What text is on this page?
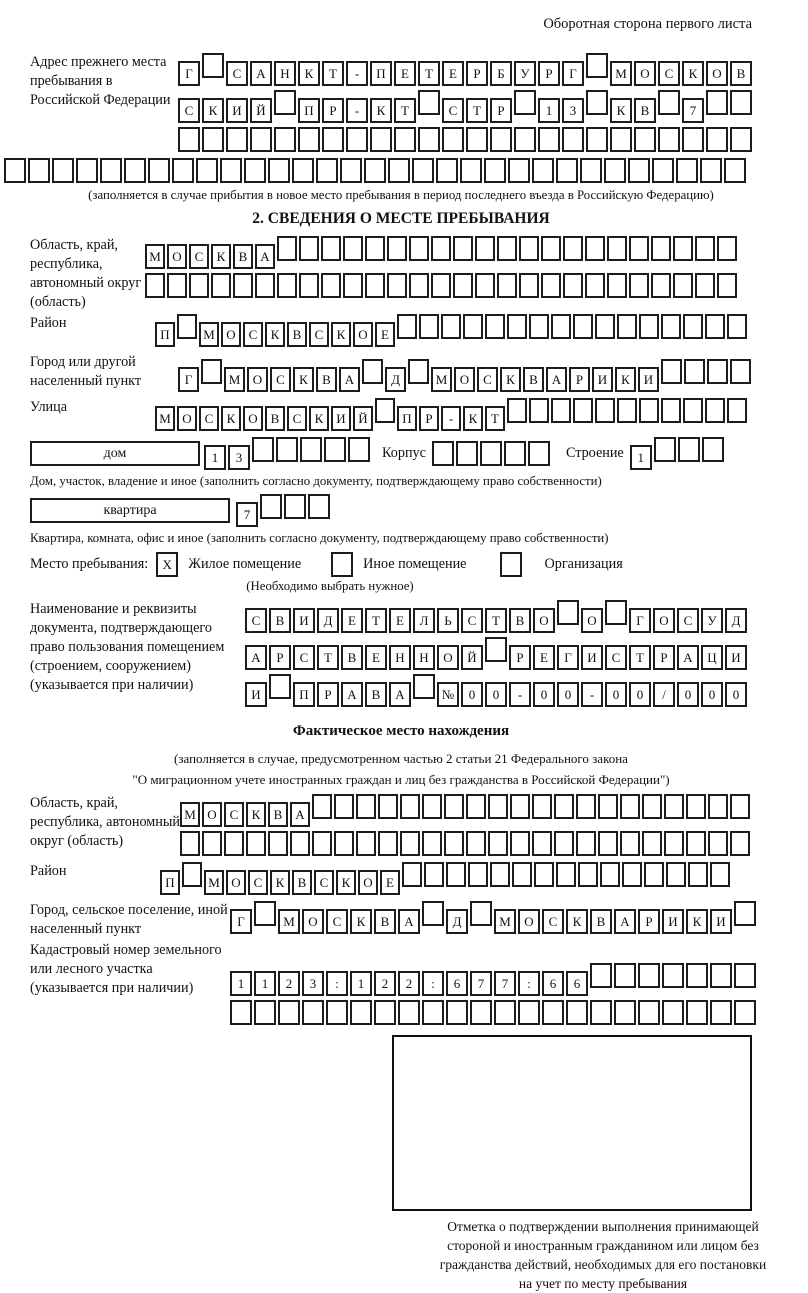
Оборотная сторона первого листа
Адрес прежнего места пребывания в Российской Федерации
Г	С А Н К Т - П Е Т Е Р Б У Р Г	М О С К О В
С К И Й	П Р - К Т	С Т Р	1 3	К В	7
(заполняется в случае прибытия в новое место пребывания в период последнего въезда в Российскую Федерацию)
2. СВЕДЕНИЯ О МЕСТЕ ПРЕБЫВАНИЯ
Область, край, республика, автономный округ (область)
М О С К В А
Район
П	М О С К В С К О Е
Город или другой населенный пункт	Г	М О С К В А	Д	М О С К В А Р И К И
Улица
М О С К О В С К И Й	П Р - К Т
дом	1 3	Корпус	Строение	1
Дом, участок, владение и иное (заполнить согласно документу, подтверждающему право собственности)
квартира	7
Квартира, комната, офис и иное (заполнить согласно документу, подтверждающему право собственности)
Место пребывания:	X	Жилое помещение	Иное помещение	Организация
(Необходимо выбрать нужное)
Наименование и реквизиты документа, подтверждающего право пользования помещением (строением, сооружением) (указывается при наличии)
С В И Д Е Т Е Л Ь С Т В О	О	Г О С У Д
А Р С Т В Е Н Н О Й	Р Е Г И С Т Р А Ц И
И	П Р А В А	№ 0 0 - 0 0 - 0 0 / 0 0 0
Фактическое место нахождения
(заполняется в случае, предусмотренном частью 2 статьи 21 Федерального закона
"О миграционном учете иностранных граждан и лиц без гражданства в Российской Федерации")
Область, край, республика, автономный округ (область)
М О С К В А
Район
П	М О С К В С К О Е
Город, сельское поселение, иной населенный пункт	Г	М О С К В А	Д	М О С К В А Р И К И
Кадастровый номер земельного или лесного участка (указывается при наличии)	1 1 2 3 : 1 2 2 : 6 7 7 : 6 6
Отметка о подтверждении выполнения принимающей
стороной и иностранным гражданином или лицом без
гражданства действий, необходимых для его постановки
на учет по месту пребывания
